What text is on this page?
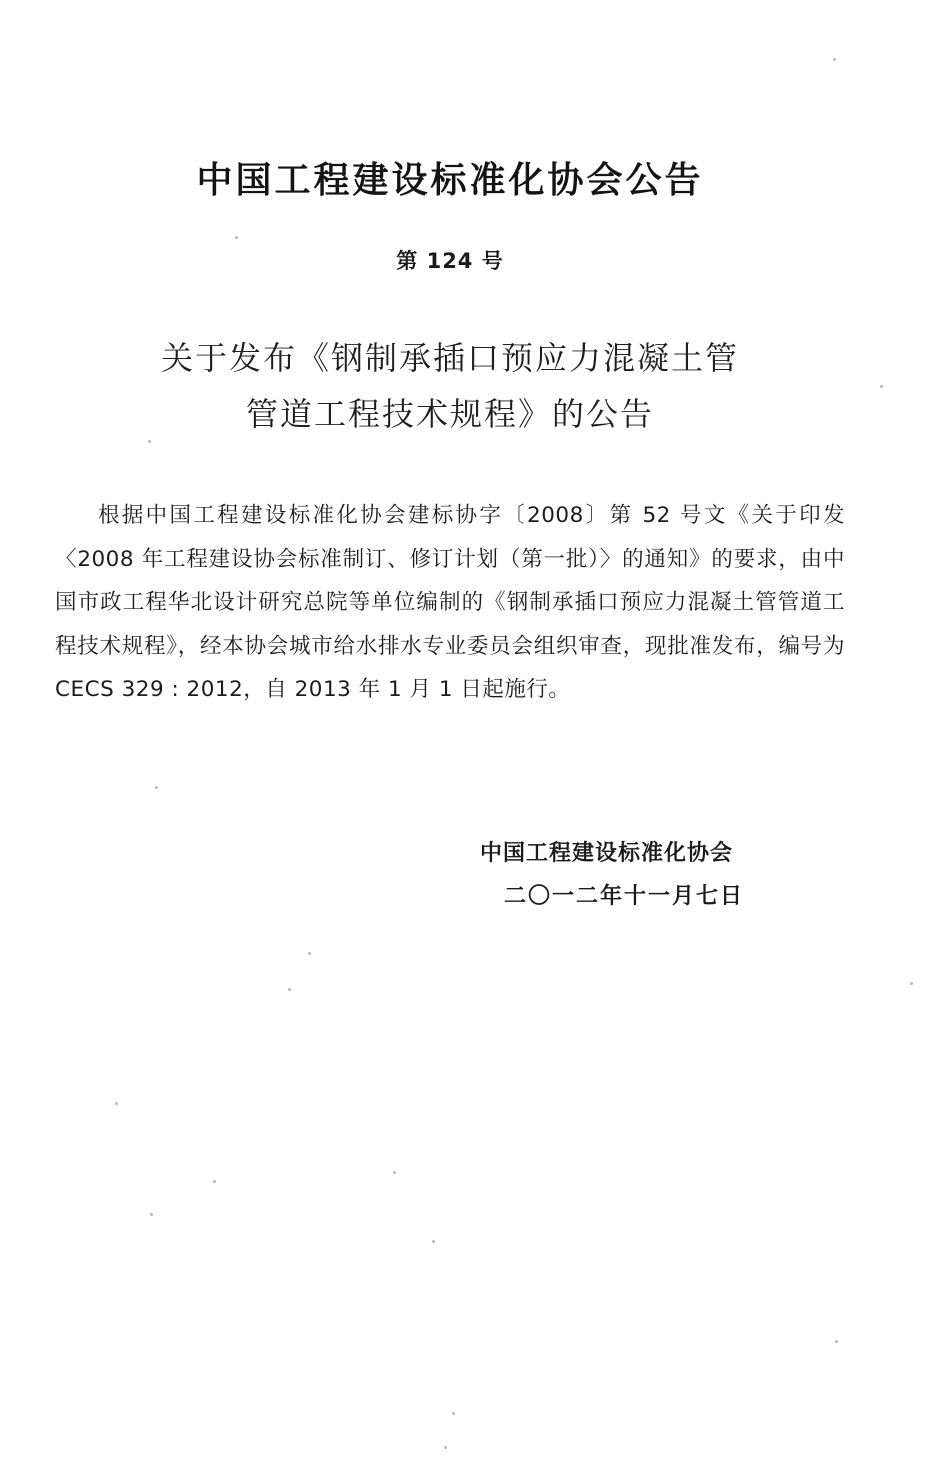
中国工程建设标准化协会公告
第 124 号
关于发布《钢制承插口预应力混凝土管
管道工程技术规程》的公告
根据中国工程建设标准化协会建标协字〔2008〕第 52 号文《关于印发〈2008 年工程建设协会标准制订、修订计划（第一批）〉的通知》的要求，由中国市政工程华北设计研究总院等单位编制的《钢制承插口预应力混凝土管管道工程技术规程》，经本协会城市给水排水专业委员会组织审查，现批准发布，编号为 CECS 329 : 2012，自 2013 年 1 月 1 日起施行。
中国工程建设标准化协会
二〇一二年十一月七日
